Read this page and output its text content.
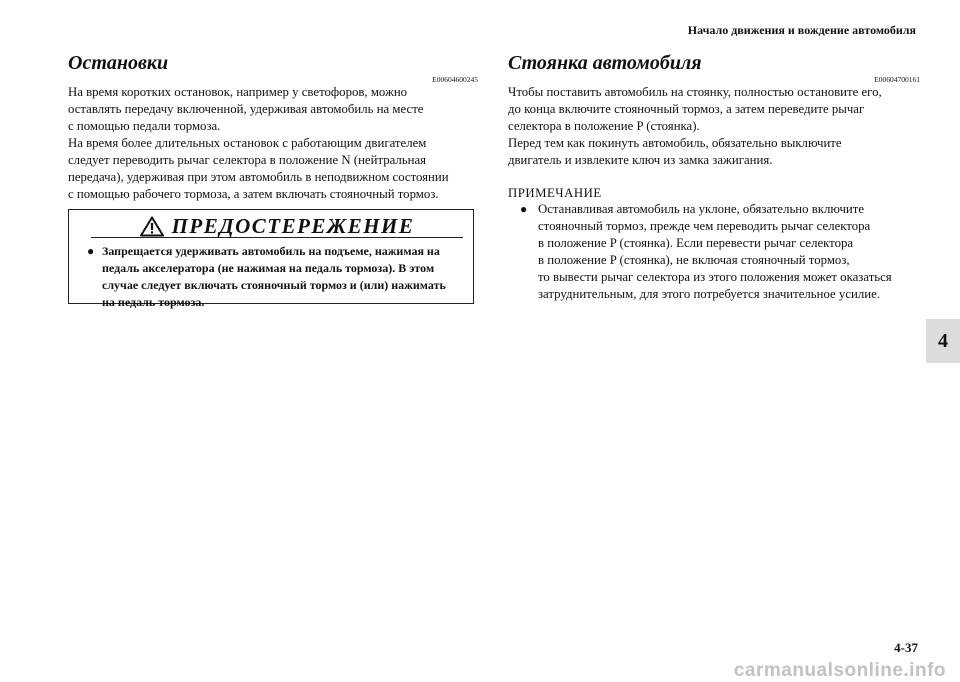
Начало движения и вождение автомобиля
Остановки
E00604600245
На время коротких остановок, например у светофоров, можно
оставлять передачу включенной, удерживая автомобиль на месте
с помощью педали тормоза.
На время более длительных остановок с работающим двигателем
следует переводить рычаг селектора в положение N (нейтральная
передача), удерживая при этом автомобиль в неподвижном состоянии
с помощью рабочего тормоза, а затем включать стояночный тормоз.
ПРЕДОСТЕРЕЖЕНИЕ
● Запрещается удерживать автомобиль на подъеме, нажимая на
педаль акселератора (не нажимая на педаль тормоза). В этом
случае следует включать стояночный тормоз и (или) нажимать
на педаль тормоза.
Стоянка автомобиля
E00604700161
Чтобы поставить автомобиль на стоянку, полностью остановите его,
до конца включите стояночный тормоз, а затем переведите рычаг
селектора в положение P (стоянка).
Перед тем как покинуть автомобиль, обязательно выключите
двигатель и извлеките ключ из замка зажигания.
ПРИМЕЧАНИЕ
● Останавливая автомобиль на уклоне, обязательно включите
стояночный тормоз, прежде чем переводить рычаг селектора
в положение P (стоянка). Если перевести рычаг селектора
в положение P (стоянка), не включая стояночный тормоз,
то вывести рычаг селектора из этого положения может оказаться
затруднительным, для этого потребуется значительное усилие.
4
4-37
carmanualsonline.info
